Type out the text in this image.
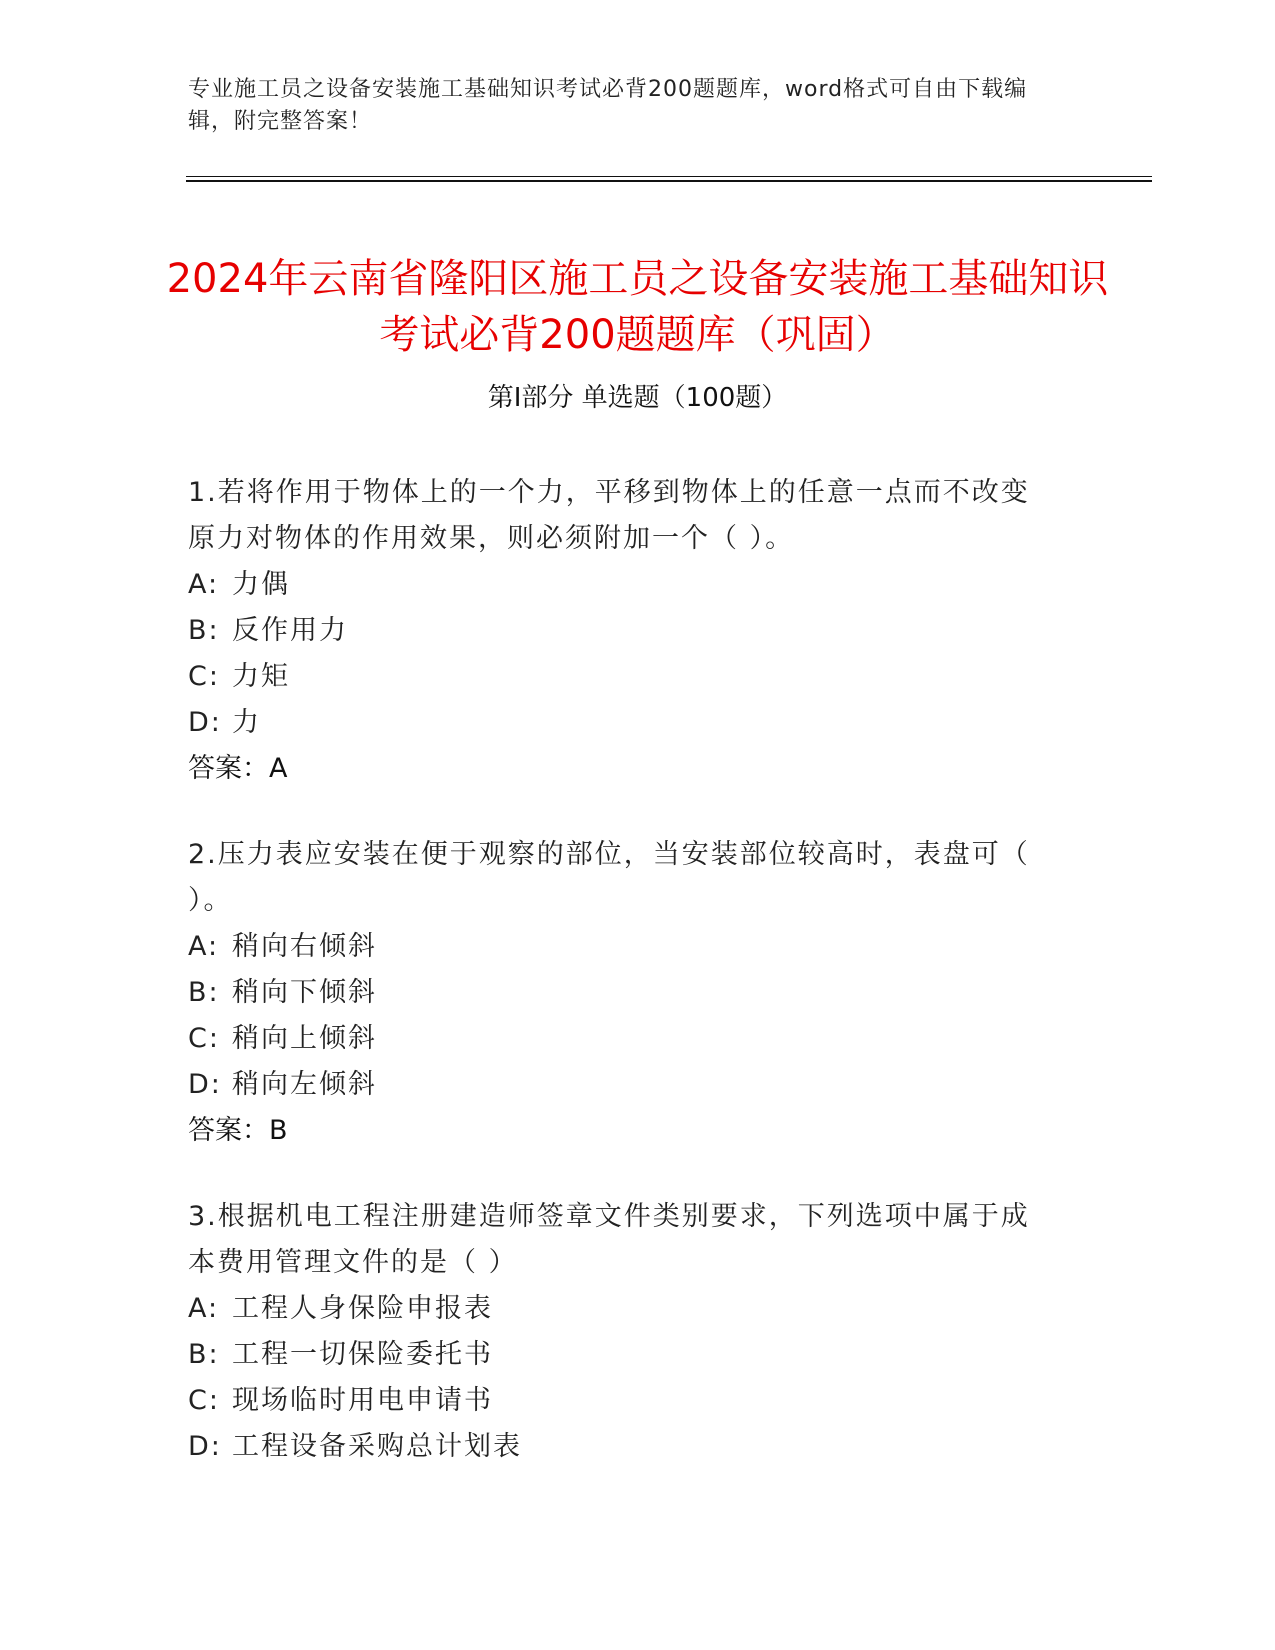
专业施工员之设备安装施工基础知识考试必背200题题库，word格式可自由下载编辑，附完整答案！
2024年云南省隆阳区施工员之设备安装施工基础知识考试必背200题题库（巩固）
第Ⅰ部分 单选题（100题）
1.若将作用于物体上的一个力，平移到物体上的任意一点而不改变原力对物体的作用效果，则必须附加一个（ ）。
A: 力偶
B: 反作用力
C: 力矩
D: 力
答案：A
2.压力表应安装在便于观察的部位，当安装部位较高时，表盘可（ ）。
A: 稍向右倾斜
B: 稍向下倾斜
C: 稍向上倾斜
D: 稍向左倾斜
答案：B
3.根据机电工程注册建造师签章文件类别要求，下列选项中属于成本费用管理文件的是（ ）
A: 工程人身保险申报表
B: 工程一切保险委托书
C: 现场临时用电申请书
D: 工程设备采购总计划表
